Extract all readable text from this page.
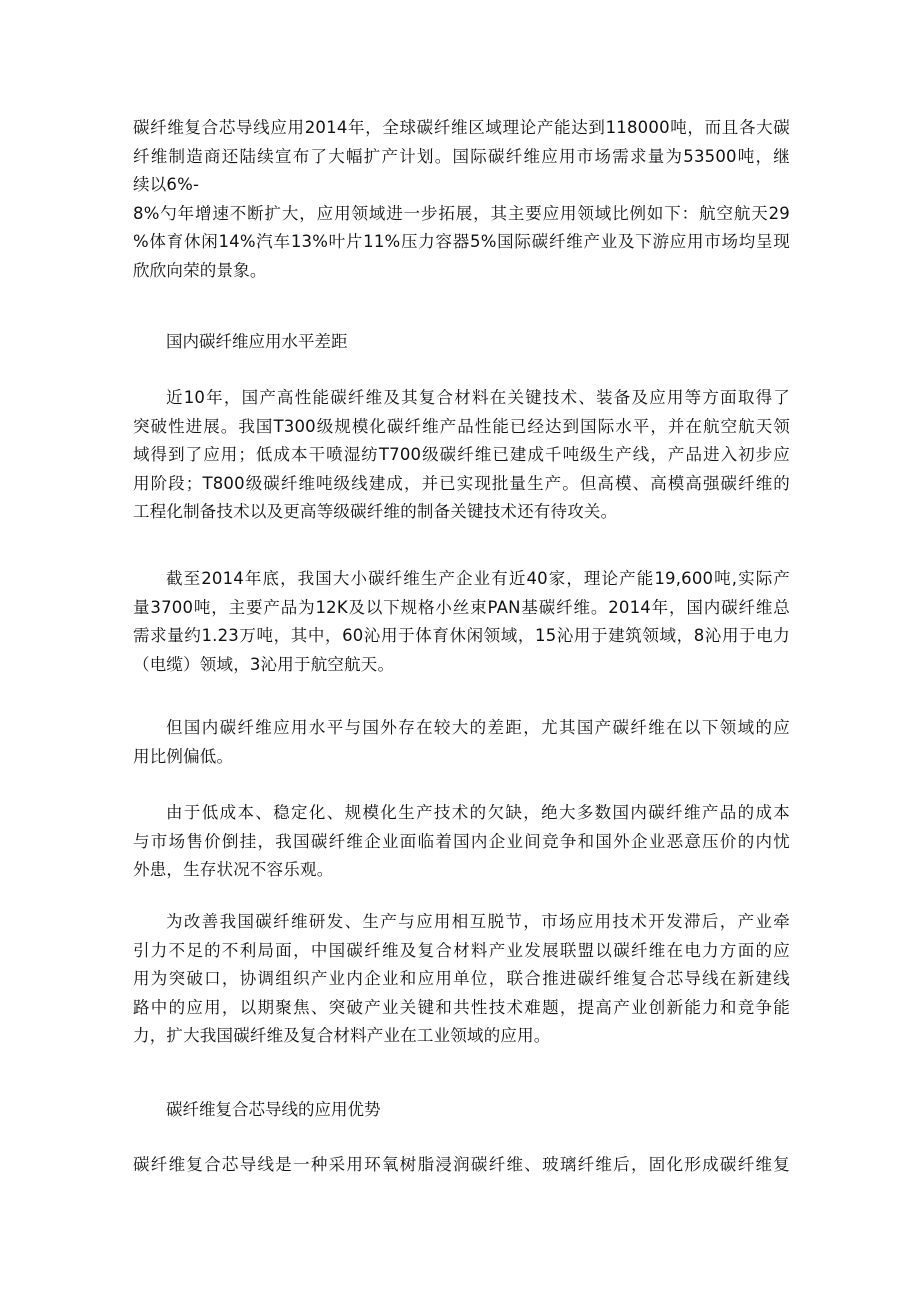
碳纤维复合芯导线应用2014年，全球碳纤维区域理论产能达到118000吨，而且各大碳
纤维制造商还陆续宣布了大幅扩产计划。国际碳纤维应用市场需求量为53500吨，继
续以6%-
8%勺年增速不断扩大，应用领域进一步拓展，其主要应用领域比例如下：航空航天29
%体育休闲14%汽车13%叶片11%压力容器5%国际碳纤维产业及下游应用市场均呈现
欣欣向荣的景象。
国内碳纤维应用水平差距
近10年，国产高性能碳纤维及其复合材料在关键技术、装备及应用等方面取得了
突破性进展。我国T300级规模化碳纤维产品性能已经达到国际水平，并在航空航天领
域得到了应用；低成本干喷湿纺T700级碳纤维已建成千吨级生产线，产品进入初步应
用阶段；T800级碳纤维吨级线建成，并已实现批量生产。但高模、高模高强碳纤维的
工程化制备技术以及更高等级碳纤维的制备关键技术还有待攻关。
截至2014年底，我国大小碳纤维生产企业有近40家，理论产能19,600吨,实际产
量3700吨，主要产品为12K及以下规格小丝束PAN基碳纤维。2014年，国内碳纤维总
需求量约1.23万吨，其中，60沁用于体育休闲领域，15沁用于建筑领域，8沁用于电力
（电缆）领域，3沁用于航空航天。
但国内碳纤维应用水平与国外存在较大的差距，尤其国产碳纤维在以下领域的应
用比例偏低。
由于低成本、稳定化、规模化生产技术的欠缺，绝大多数国内碳纤维产品的成本
与市场售价倒挂，我国碳纤维企业面临着国内企业间竞争和国外企业恶意压价的内忧
外患，生存状况不容乐观。
为改善我国碳纤维研发、生产与应用相互脱节，市场应用技术开发滞后，产业牵
引力不足的不利局面，中国碳纤维及复合材料产业发展联盟以碳纤维在电力方面的应
用为突破口，协调组织产业内企业和应用单位，联合推进碳纤维复合芯导线在新建线
路中的应用，以期聚焦、突破产业关键和共性技术难题，提高产业创新能力和竞争能
力，扩大我国碳纤维及复合材料产业在工业领域的应用。
碳纤维复合芯导线的应用优势
碳纤维复合芯导线是一种采用环氧树脂浸润碳纤维、玻璃纤维后，固化形成碳纤维复
